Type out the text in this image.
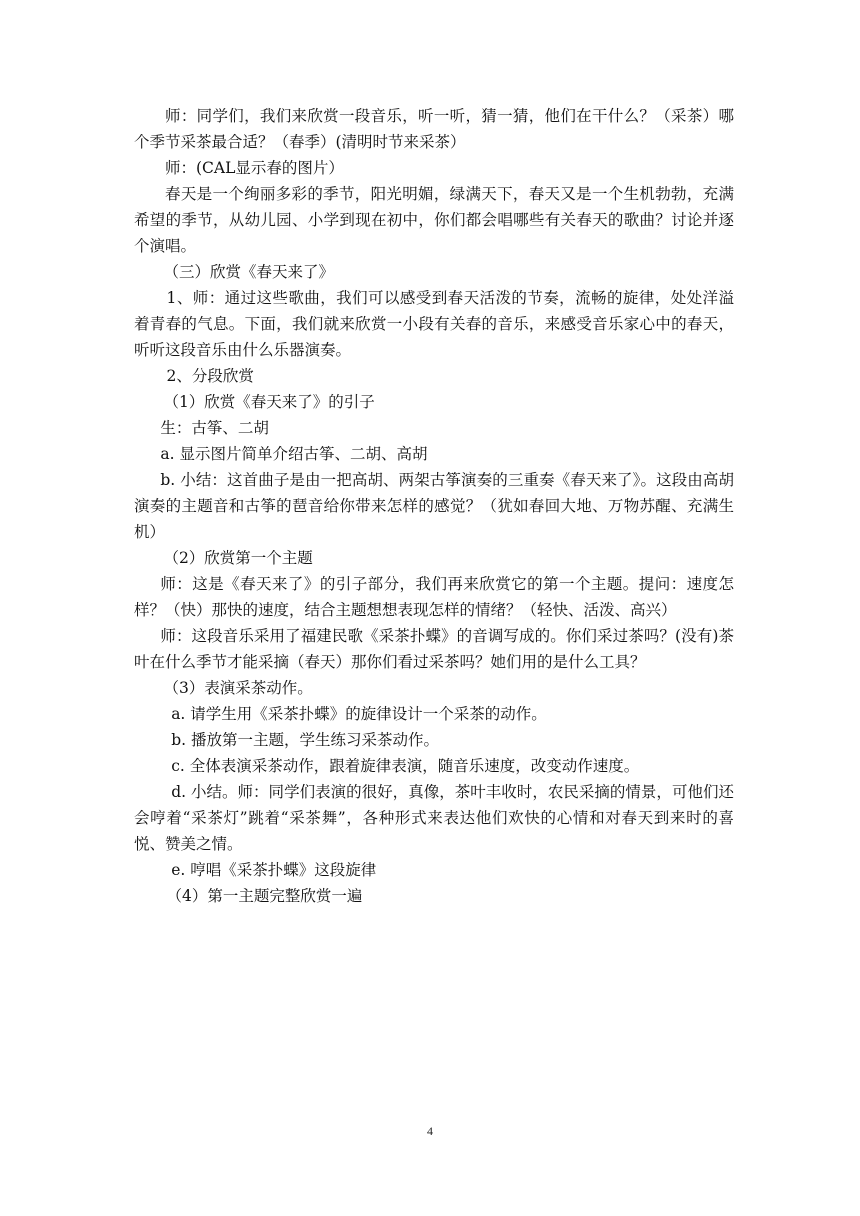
师：同学们，我们来欣赏一段音乐，听一听，猜一猜，他们在干什么？（采茶）哪个季节采茶最合适？（春季）(清明时节来采茶）

师：(CAL显示春的图片）

春天是一个绚丽多彩的季节，阳光明媚，绿满天下，春天又是一个生机勃勃，充满希望的季节，从幼儿园、小学到现在初中，你们都会唱哪些有关春天的歌曲？讨论并逐个演唱。

（三）欣赏《春天来了》

1、师：通过这些歌曲，我们可以感受到春天活泼的节奏，流畅的旋律，处处洋溢着青春的气息。下面，我们就来欣赏一小段有关春的音乐，来感受音乐家心中的春天，听听这段音乐由什么乐器演奏。

2、分段欣赏

（1）欣赏《春天来了》的引子

生：古筝、二胡

a. 显示图片简单介绍古筝、二胡、高胡

b. 小结：这首曲子是由一把高胡、两架古筝演奏的三重奏《春天来了》。这段由高胡演奏的主题音和古筝的琶音给你带来怎样的感觉？（犹如春回大地、万物苏醒、充满生机）

（2）欣赏第一个主题

师：这是《春天来了》的引子部分，我们再来欣赏它的第一个主题。提问：速度怎样？（快）那快的速度，结合主题想想表现怎样的情绪？（轻快、活泼、高兴）

师：这段音乐采用了福建民歌《采茶扑蝶》的音调写成的。你们采过茶吗？(没有)茶叶在什么季节才能采摘（春天）那你们看过采茶吗？她们用的是什么工具？

（3）表演采茶动作。

a. 请学生用《采茶扑蝶》的旋律设计一个采茶的动作。

b. 播放第一主题，学生练习采茶动作。

c. 全体表演采茶动作，跟着旋律表演，随音乐速度，改变动作速度。

d. 小结。师：同学们表演的很好，真像，茶叶丰收时，农民采摘的情景，可他们还会哼着“采茶灯”跳着“采茶舞”，各种形式来表达他们欢快的心情和对春天到来时的喜悦、赞美之情。

e. 哼唱《采茶扑蝶》这段旋律

（4）第一主题完整欣赏一遍

4
